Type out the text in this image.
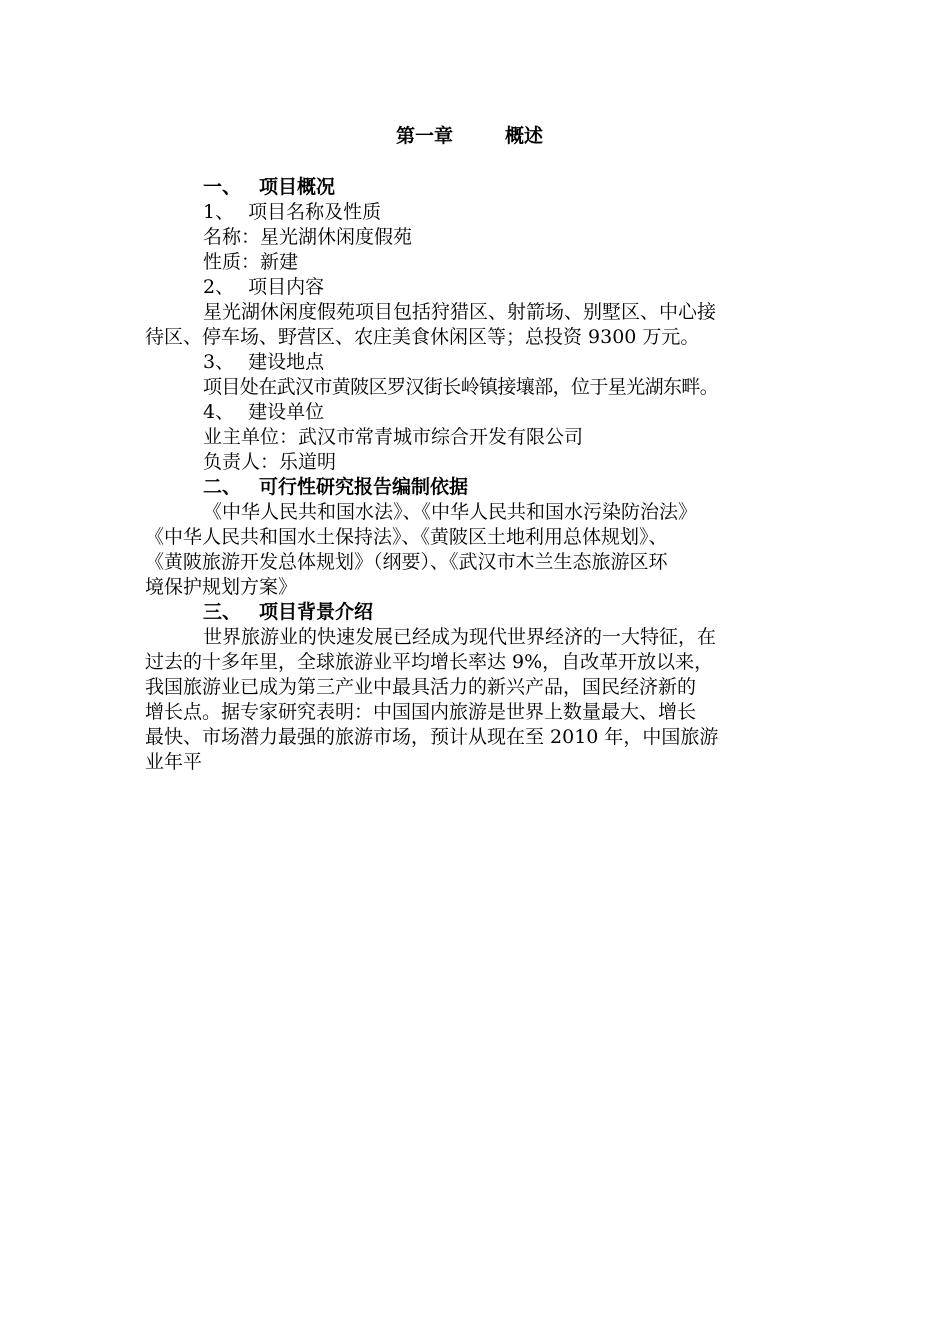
第一章	概述
一、 项目概况
1、 项目名称及性质
名称：星光湖休闲度假苑
性质：新建
2、 项目内容
星光湖休闲度假苑项目包括狩猎区、射箭场、别墅区、中心接
待区、停车场、野营区、农庄美食休闲区等；总投资 9300 万元。
3、 建设地点
项目处在武汉市黄陂区罗汉街长岭镇接壤部，位于星光湖东畔。
4、 建设单位
业主单位：武汉市常青城市综合开发有限公司
负责人：乐道明
二、 可行性研究报告编制依据
《中华人民共和国水法》、《中华人民共和国水污染防治法》
《中华人民共和国水土保持法》、《黄陂区土地利用总体规划》、
《黄陂旅游开发总体规划》（纲要）、《武汉市木兰生态旅游区环
境保护规划方案》
三、 项目背景介绍
世界旅游业的快速发展已经成为现代世界经济的一大特征，在
过去的十多年里，全球旅游业平均增长率达 9%，自改革开放以来，
我国旅游业已成为第三产业中最具活力的新兴产品，国民经济新的
增长点。据专家研究表明：中国国内旅游是世界上数量最大、增长
最快、市场潜力最强的旅游市场，预计从现在至 2010 年，中国旅游
业年平
